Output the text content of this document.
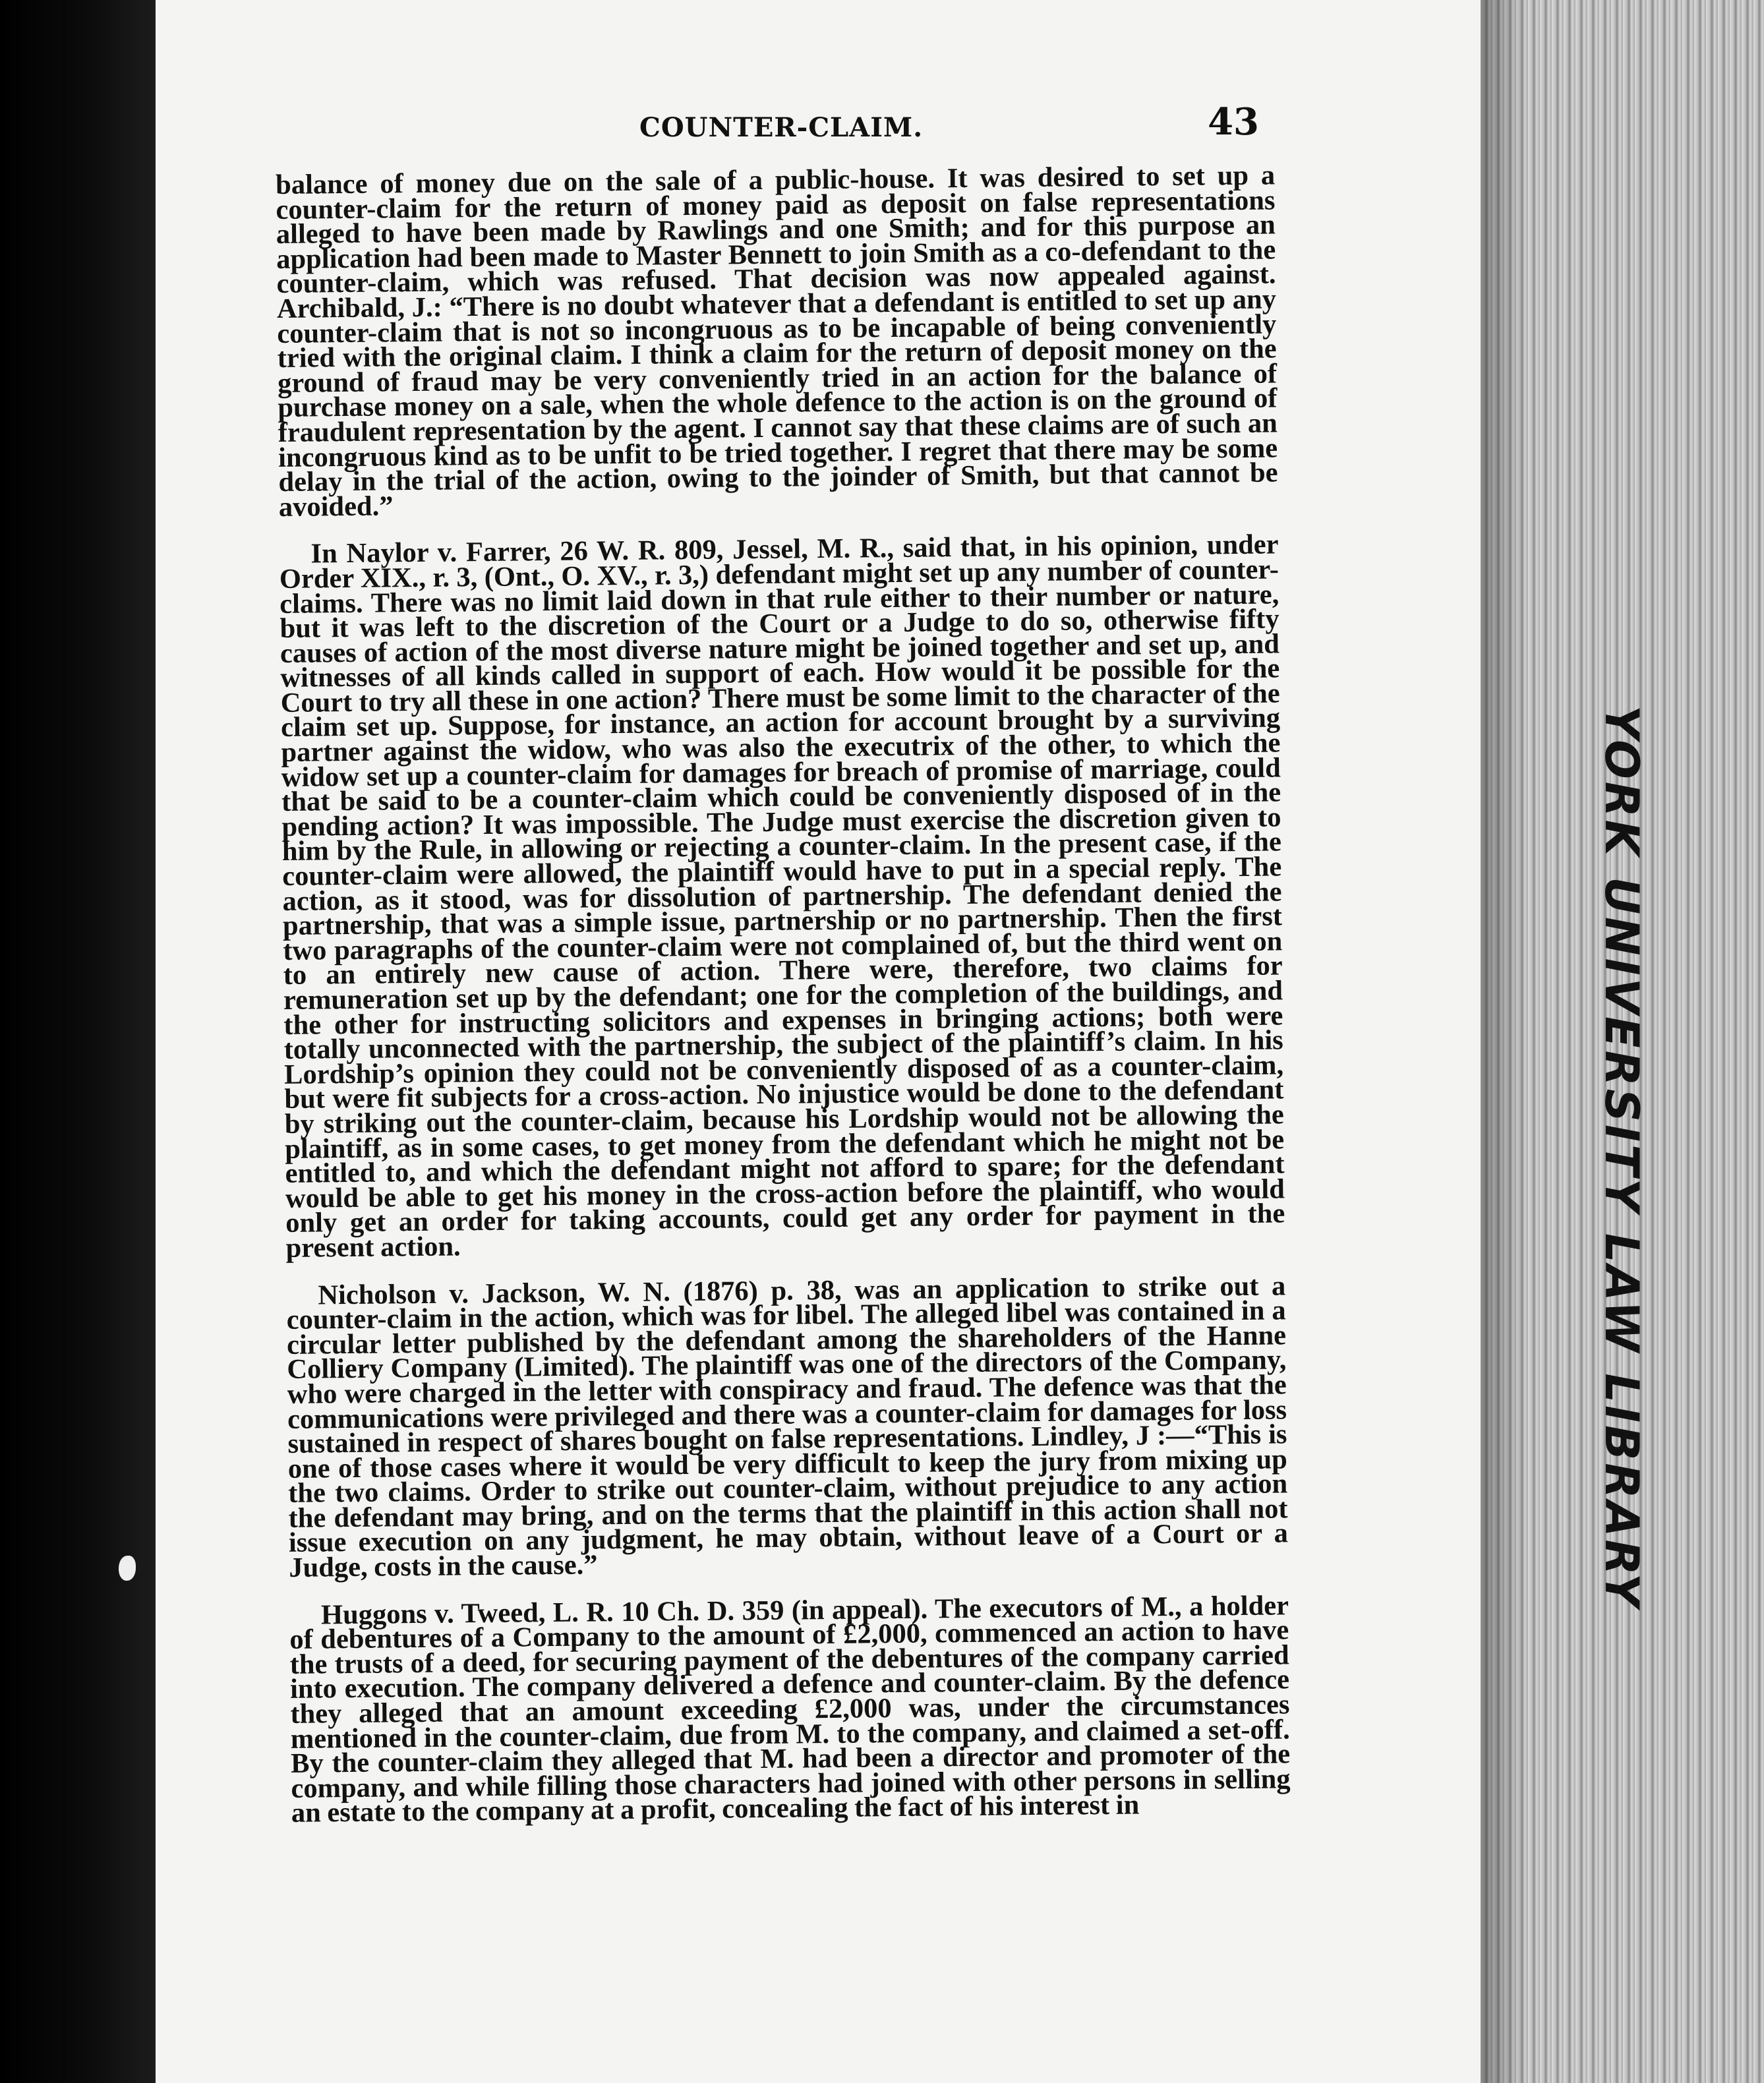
COUNTER-CLAIM.	43

balance of money due on the sale of a public-house. It was desired to set up a counter-claim for the return of money paid as deposit on false representations alleged to have been made by Rawlings and one Smith; and for this purpose an application had been made to Master Bennett to join Smith as a co-defendant to the counter-claim, which was refused. That decision was now appealed against. Archibald, J.: “There is no doubt whatever that a defendant is entitled to set up any counter-claim that is not so incongruous as to be incapable of being conveniently tried with the original claim. I think a claim for the return of deposit money on the ground of fraud may be very conveniently tried in an action for the balance of purchase money on a sale, when the whole defence to the action is on the ground of fraudulent representation by the agent. I cannot say that these claims are of such an incongruous kind as to be unfit to be tried together. I regret that there may be some delay in the trial of the action, owing to the joinder of Smith, but that cannot be avoided.”

In Naylor v. Farrer, 26 W. R. 809, Jessel, M. R., said that, in his opinion, under Order XIX., r. 3, (Ont., O. XV., r. 3,) defendant might set up any number of counter-claims. There was no limit laid down in that rule either to their number or nature, but it was left to the discretion of the Court or a Judge to do so, otherwise fifty causes of action of the most diverse nature might be joined together and set up, and witnesses of all kinds called in support of each. How would it be possible for the Court to try all these in one action? There must be some limit to the character of the claim set up. Suppose, for instance, an action for account brought by a surviving partner against the widow, who was also the executrix of the other, to which the widow set up a counter-claim for damages for breach of promise of marriage, could that be said to be a counter-claim which could be conveniently disposed of in the pending action? It was impossible. The Judge must exercise the discretion given to him by the Rule, in allowing or rejecting a counter-claim. In the present case, if the counter-claim were allowed, the plaintiff would have to put in a special reply. The action, as it stood, was for dissolution of partnership. The defendant denied the partnership, that was a simple issue, partnership or no partnership. Then the first two paragraphs of the counter-claim were not complained of, but the third went on to an entirely new cause of action. There were, therefore, two claims for remuneration set up by the defendant; one for the completion of the buildings, and the other for instructing solicitors and expenses in bringing actions; both were totally unconnected with the partnership, the subject of the plaintiff’s claim. In his Lordship’s opinion they could not be conveniently disposed of as a counter-claim, but were fit subjects for a cross-action. No injustice would be done to the defendant by striking out the counter-claim, because his Lordship would not be allowing the plaintiff, as in some cases, to get money from the defendant which he might not be entitled to, and which the defendant might not afford to spare; for the defendant would be able to get his money in the cross-action before the plaintiff, who would only get an order for taking accounts, could get any order for payment in the present action.

Nicholson v. Jackson, W. N. (1876) p. 38, was an application to strike out a counter-claim in the action, which was for libel. The alleged libel was contained in a circular letter published by the defendant among the shareholders of the Hanne Colliery Company (Limited). The plaintiff was one of the directors of the Company, who were charged in the letter with conspiracy and fraud. The defence was that the communications were privileged and there was a counter-claim for damages for loss sustained in respect of shares bought on false representations. Lindley, J :—“This is one of those cases where it would be very difficult to keep the jury from mixing up the two claims. Order to strike out counter-claim, without prejudice to any action the defendant may bring, and on the terms that the plaintiff in this action shall not issue execution on any judgment, he may obtain, without leave of a Court or a Judge, costs in the cause.”

Huggons v. Tweed, L. R. 10 Ch. D. 359 (in appeal). The executors of M., a holder of debentures of a Company to the amount of £2,000, commenced an action to have the trusts of a deed, for securing payment of the debentures of the company carried into execution. The company delivered a defence and counter-claim. By the defence they alleged that an amount exceeding £2,000 was, under the circumstances mentioned in the counter-claim, due from M. to the company, and claimed a set-off. By the counter-claim they alleged that M. had been a director and promoter of the company, and while filling those characters had joined with other persons in selling an estate to the company at a profit, concealing the fact of his interest in

YORK UNIVERSITY LAW LIBRARY
